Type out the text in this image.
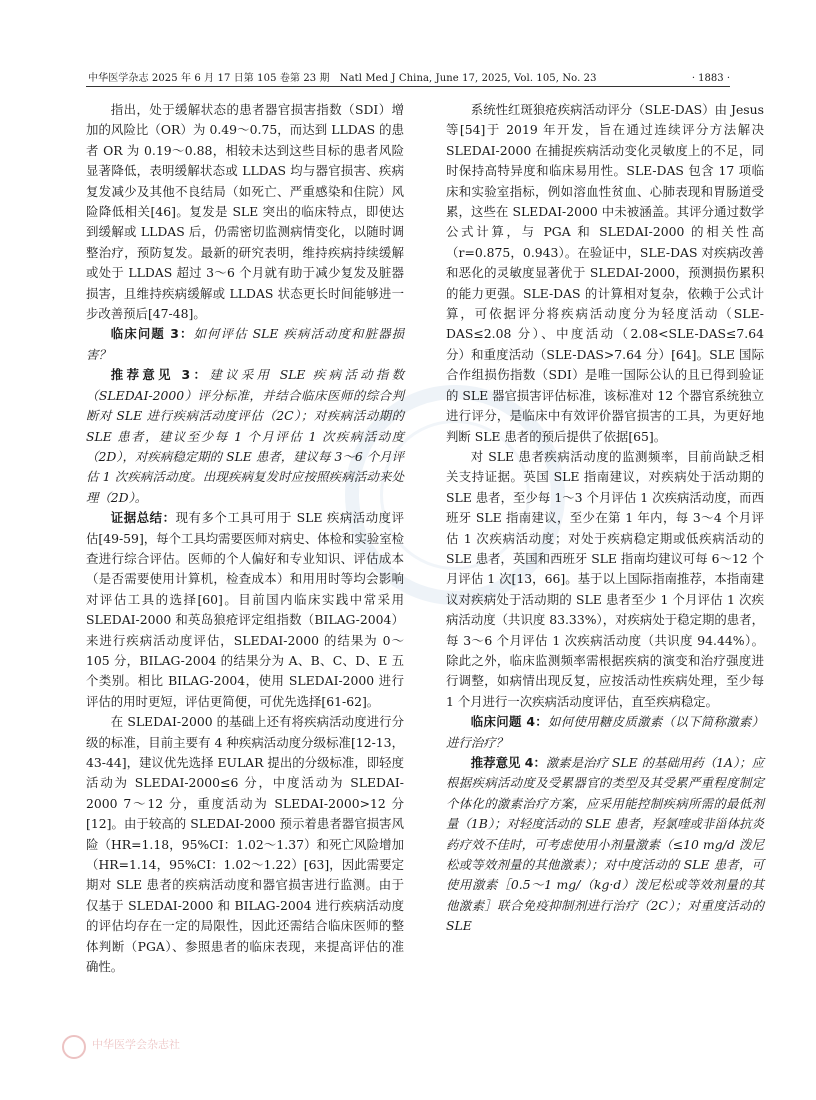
中华医学杂志 2025 年 6 月 17 日第 105 卷第 23 期　Natl Med J China, June 17, 2025, Vol. 105, No. 23	· 1883 ·

指出，处于缓解状态的患者器官损害指数（SDI）增加的风险比（OR）为 0.49～0.75，而达到 LLDAS 的患者 OR 为 0.19～0.88，相较未达到这些目标的患者风险显著降低，表明缓解状态或 LLDAS 均与器官损害、疾病复发减少及其他不良结局（如死亡、严重感染和住院）风险降低相关[46]。复发是 SLE 突出的临床特点，即使达到缓解或 LLDAS 后，仍需密切监测病情变化，以随时调整治疗，预防复发。最新的研究表明，维持疾病持续缓解或处于 LLDAS 超过 3～6 个月就有助于减少复发及脏器损害，且维持疾病缓解或 LLDAS 状态更长时间能够进一步改善预后[47-48]。

临床问题 3：如何评估 SLE 疾病活动度和脏器损害？

推荐意见 3：建议采用 SLE 疾病活动指数（SLEDAI-2000）评分标准，并结合临床医师的综合判断对 SLE 进行疾病活动度评估（2C）；对疾病活动期的 SLE 患者，建议至少每 1 个月评估 1 次疾病活动度（2D），对疾病稳定期的 SLE 患者，建议每 3～6 个月评估 1 次疾病活动度。出现疾病复发时应按照疾病活动来处理（2D）。

证据总结：现有多个工具可用于 SLE 疾病活动度评估[49-59]，每个工具均需要医师对病史、体检和实验室检查进行综合评估。医师的个人偏好和专业知识、评估成本（是否需要使用计算机，检查成本）和用用时等均会影响对评估工具的选择[60]。目前国内临床实践中常采用 SLEDAI-2000 和英岛狼疮评定组指数（BILAG-2004）来进行疾病活动度评估，SLEDAI-2000 的结果为 0～105 分，BILAG-2004 的结果分为 A、B、C、D、E 五个类别。相比 BILAG-2004，使用 SLEDAI-2000 进行评估的用时更短，评估更简便，可优先选择[61-62]。

在 SLEDAI-2000 的基础上还有将疾病活动度进行分级的标准，目前主要有 4 种疾病活动度分级标准[12-13，43-44]，建议优先选择 EULAR 提出的分级标准，即轻度活动为 SLEDAI-2000≤6 分，中度活动为 SLEDAI-2000 7～12 分，重度活动为 SLEDAI-2000>12 分[12]。由于较高的 SLEDAI-2000 预示着患者器官损害风险（HR=1.18，95%CI：1.02～1.37）和死亡风险增加（HR=1.14，95%CI：1.02～1.22）[63]，因此需要定期对 SLE 患者的疾病活动度和器官损害进行监测。由于仅基于 SLEDAI-2000 和 BILAG-2004 进行疾病活动度的评估均存在一定的局限性，因此还需结合临床医师的整体判断（PGA）、参照患者的临床表现，来提高评估的准确性。

系统性红斑狼疮疾病活动评分（SLE-DAS）由 Jesus 等[54]于 2019 年开发，旨在通过连续评分方法解决 SLEDAI-2000 在捕捉疾病活动变化灵敏度上的不足，同时保持高特异度和临床易用性。SLE-DAS 包含 17 项临床和实验室指标，例如溶血性贫血、心肺表现和胃肠道受累，这些在 SLEDAI-2000 中未被涵盖。其评分通过数学公式计算，与 PGA 和 SLEDAI-2000 的相关性高（r=0.875，0.943）。在验证中，SLE-DAS 对疾病改善和恶化的灵敏度显著优于 SLEDAI-2000，预测损伤累积的能力更强。SLE-DAS 的计算相对复杂，依赖于公式计算，可依据评分将疾病活动度分为轻度活动（SLE-DAS≤2.08 分）、中度活动（2.08<SLE-DAS≤7.64 分）和重度活动（SLE-DAS>7.64 分）[64]。SLE 国际合作组损伤指数（SDI）是唯一国际公认的且已得到验证的 SLE 器官损害评估标准，该标准对 12 个器官系统独立进行评分，是临床中有效评价器官损害的工具，为更好地判断 SLE 患者的预后提供了依据[65]。

对 SLE 患者疾病活动度的监测频率，目前尚缺乏相关支持证据。英国 SLE 指南建议，对疾病处于活动期的 SLE 患者，至少每 1～3 个月评估 1 次疾病活动度，而西班牙 SLE 指南建议，至少在第 1 年内，每 3～4 个月评估 1 次疾病活动度；对处于疾病稳定期或低疾病活动的 SLE 患者，英国和西班牙 SLE 指南均建议可每 6～12 个月评估 1 次[13，66]。基于以上国际指南推荐，本指南建议对疾病处于活动期的 SLE 患者至少 1 个月评估 1 次疾病活动度（共识度 83.33%），对疾病处于稳定期的患者，每 3～6 个月评估 1 次疾病活动度（共识度 94.44%）。除此之外，临床监测频率需根据疾病的演变和治疗强度进行调整，如病情出现反复，应按活动性疾病处理，至少每 1 个月进行一次疾病活动度评估，直至疾病稳定。

临床问题 4：如何使用糖皮质激素（以下简称激素）进行治疗？

推荐意见 4：激素是治疗 SLE 的基础用药（1A）；应根据疾病活动度及受累器官的类型及其受累严重程度制定个体化的激素治疗方案，应采用能控制疾病所需的最低剂量（1B）；对轻度活动的 SLE 患者，羟氯喹或非甾体抗炎药疗效不佳时，可考虑使用小剂量激素（≤10 mg/d 泼尼松或等效剂量的其他激素）；对中度活动的 SLE 患者，可使用激素［0.5～1 mg/（kg·d）泼尼松或等效剂量的其他激素］联合免疫抑制剂进行治疗（2C）；对重度活动的 SLE

中华医学会杂志社
